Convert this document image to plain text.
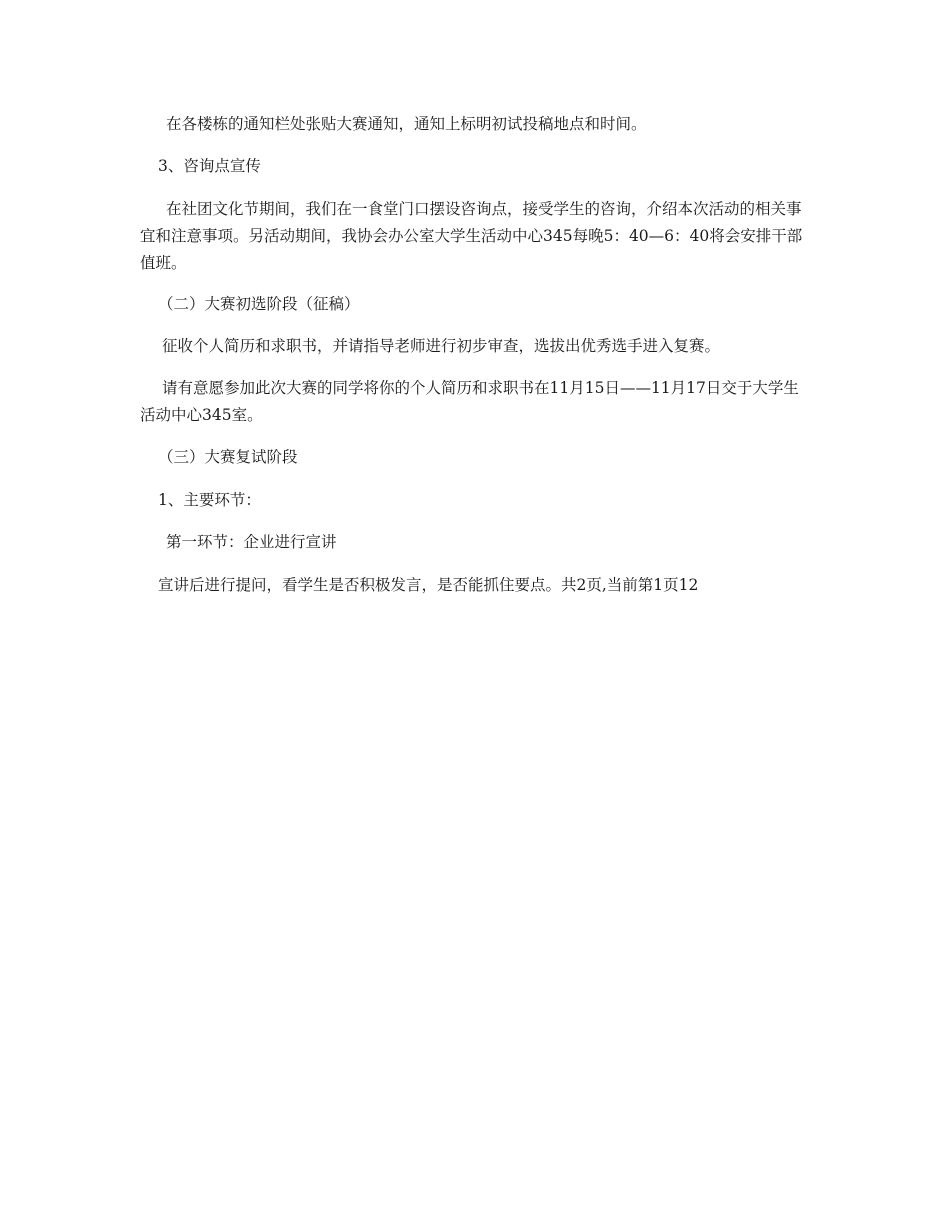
在各楼栋的通知栏处张贴大赛通知，通知上标明初试投稿地点和时间。

3、咨询点宣传

在社团文化节期间，我们在一食堂门口摆设咨询点，接受学生的咨询，介绍本次活动的相关事宜和注意事项。另活动期间，我协会办公室大学生活动中心345每晚5：40—6：40将会安排干部值班。

（二）大赛初选阶段（征稿）

征收个人简历和求职书，并请指导老师进行初步审查，选拔出优秀选手进入复赛。

请有意愿参加此次大赛的同学将你的个人简历和求职书在11月15日——11月17日交于大学生活动中心345室。

（三）大赛复试阶段

1、主要环节：

第一环节：企业进行宣讲

宣讲后进行提问，看学生是否积极发言，是否能抓住要点。共2页,当前第1页12
